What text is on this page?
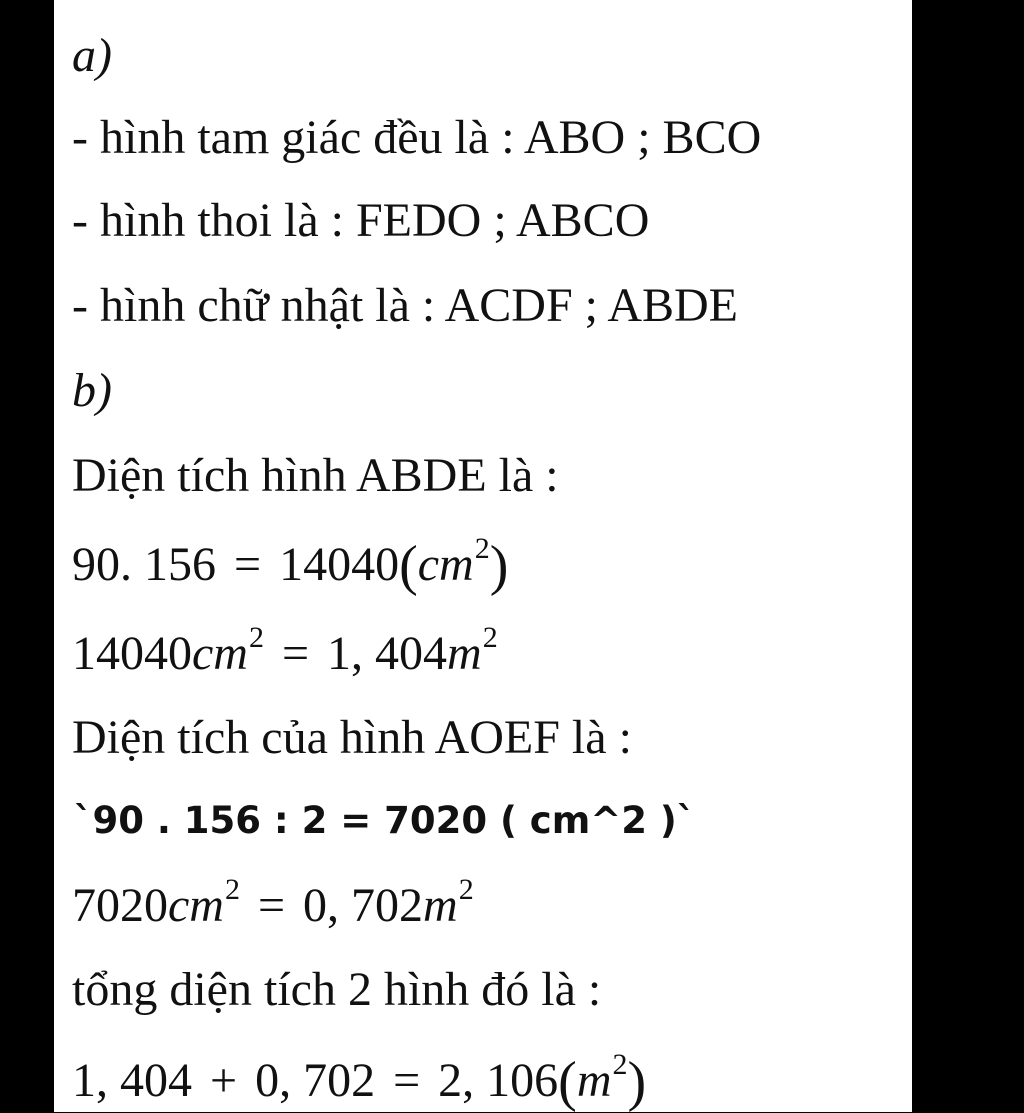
a)
- hình tam giác đều là : ABO ; BCO
- hình thoi là : FEDO ; ABCO
- hình chữ nhật là : ACDF ; ABDE
b)
Diện tích hình ABDE là :
90. $156 = 14040(cm^2)$
$14040cm^2 = 1$, $404m^2$
Diện tích của hình AOEF là :
`90 . 156 : 2 = 7020 ( cm^2 )`
$7020cm^2 = 0$, $702m^2$
tổng diện tích 2 hình đó là :
1, 404 + 0, 702 = 2, $106(m^2)$
